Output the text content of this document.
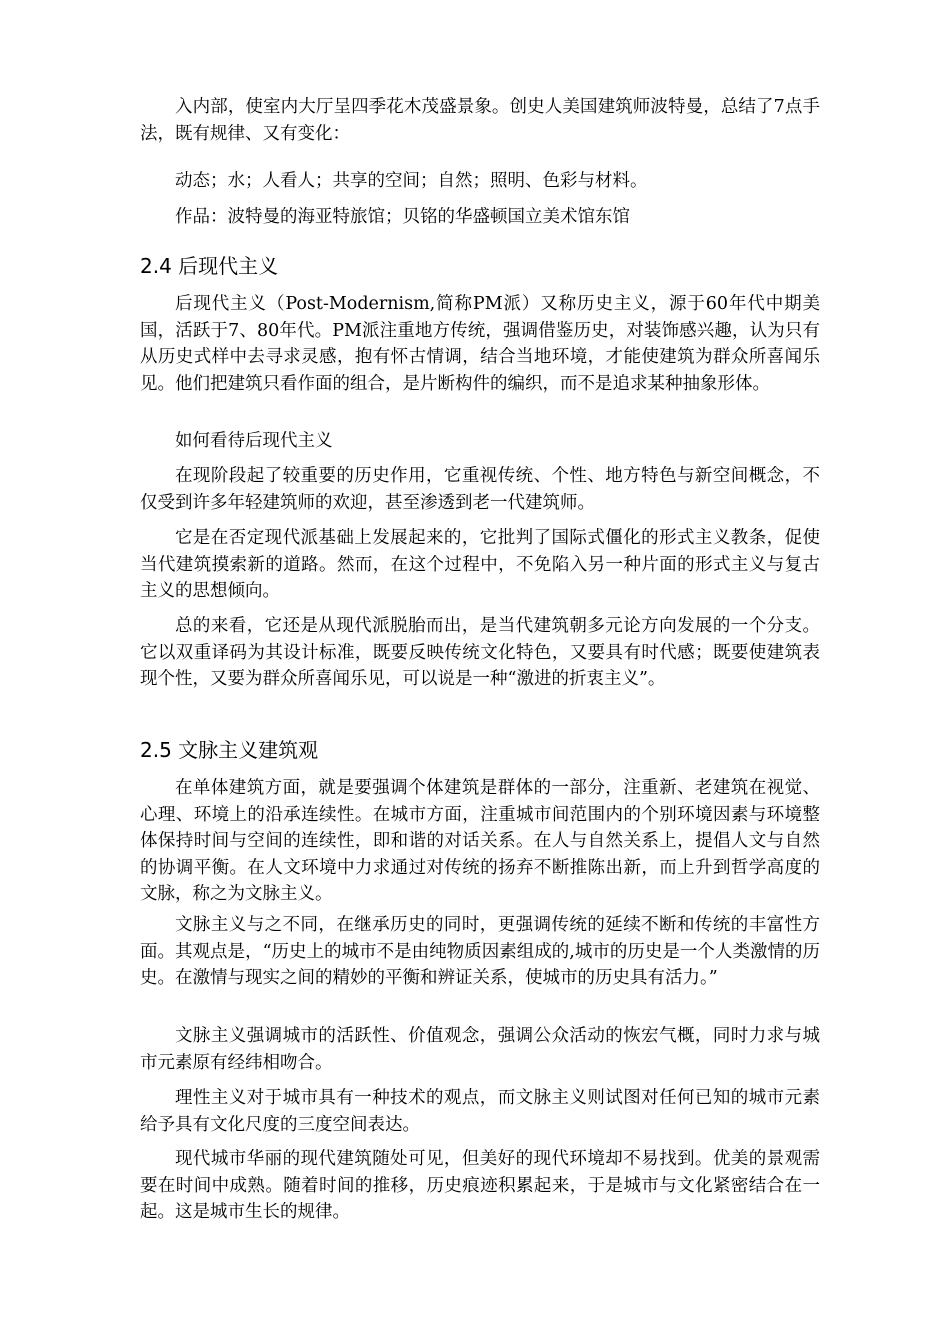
入内部，使室内大厅呈四季花木茂盛景象。创史人美国建筑师波特曼，总结了7点手法，既有规律、又有变化：

动态；水；人看人；共享的空间；自然；照明、色彩与材料。

作品：波特曼的海亚特旅馆；贝铭的华盛顿国立美术馆东馆

2.4 后现代主义

后现代主义（Post-Modernism,简称PM派）又称历史主义，源于60年代中期美国，活跃于7、80年代。PM派注重地方传统，强调借鉴历史，对装饰感兴趣，认为只有从历史式样中去寻求灵感，抱有怀古情调，结合当地环境，才能使建筑为群众所喜闻乐见。他们把建筑只看作面的组合，是片断构件的编织，而不是追求某种抽象形体。

如何看待后现代主义

在现阶段起了较重要的历史作用，它重视传统、个性、地方特色与新空间概念，不仅受到许多年轻建筑师的欢迎，甚至渗透到老一代建筑师。

它是在否定现代派基础上发展起来的，它批判了国际式僵化的形式主义教条，促使当代建筑摸索新的道路。然而，在这个过程中，不免陷入另一种片面的形式主义与复古主义的思想倾向。

总的来看，它还是从现代派脱胎而出，是当代建筑朝多元论方向发展的一个分支。它以双重译码为其设计标准，既要反映传统文化特色，又要具有时代感；既要使建筑表现个性，又要为群众所喜闻乐见，可以说是一种“激进的折衷主义”。

2.5 文脉主义建筑观

在单体建筑方面，就是要强调个体建筑是群体的一部分，注重新、老建筑在视觉、心理、环境上的沿承连续性。在城市方面，注重城市间范围内的个别环境因素与环境整体保持时间与空间的连续性，即和谐的对话关系。在人与自然关系上，提倡人文与自然的协调平衡。在人文环境中力求通过对传统的扬弃不断推陈出新，而上升到哲学高度的文脉，称之为文脉主义。

文脉主义与之不同，在继承历史的同时，更强调传统的延续不断和传统的丰富性方面。其观点是，“历史上的城市不是由纯物质因素组成的,城市的历史是一个人类激情的历史。在激情与现实之间的精妙的平衡和辨证关系，使城市的历史具有活力。”

文脉主义强调城市的活跃性、价值观念，强调公众活动的恢宏气概，同时力求与城市元素原有经纬相吻合。

理性主义对于城市具有一种技术的观点，而文脉主义则试图对任何已知的城市元素给予具有文化尺度的三度空间表达。

现代城市华丽的现代建筑随处可见，但美好的现代环境却不易找到。优美的景观需要在时间中成熟。随着时间的推移，历史痕迹积累起来，于是城市与文化紧密结合在一起。这是城市生长的规律。
